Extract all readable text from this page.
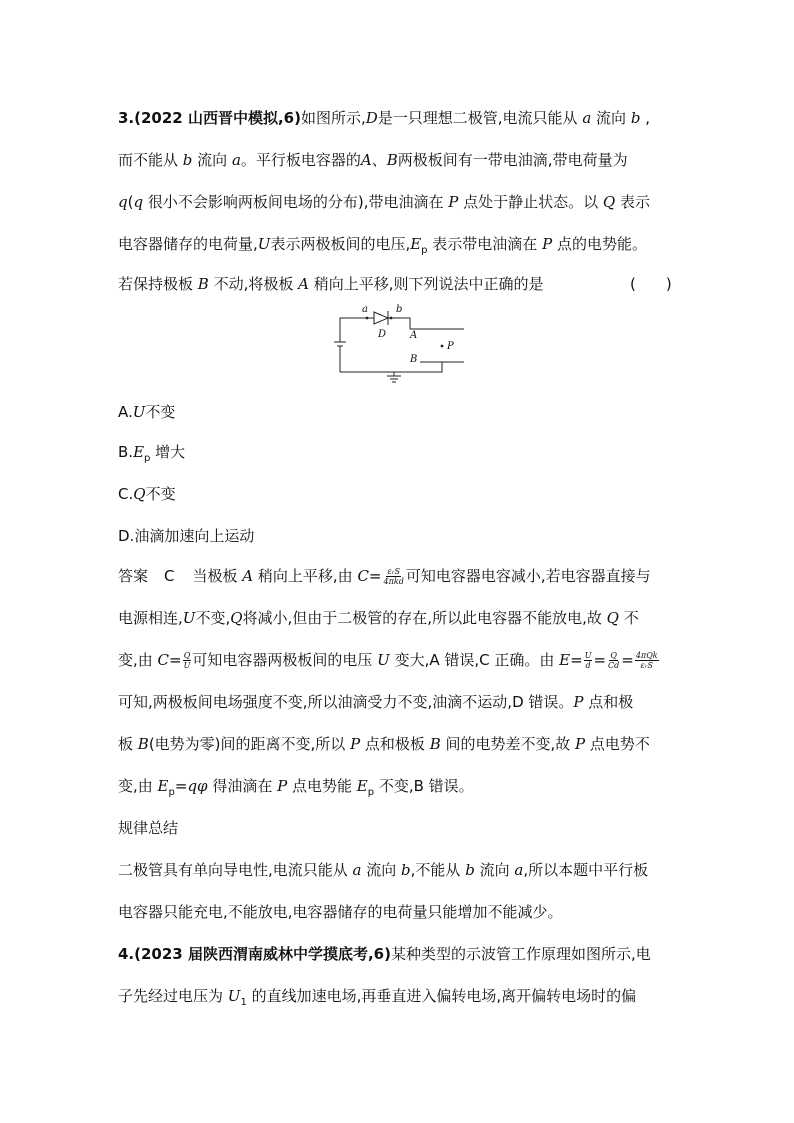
3.(2022 山西晋中模拟,6)如图所示,D是一只理想二极管,电流只能从 a 流向 b ,
而不能从 b 流向 a。平行板电容器的A、B两极板间有一带电油滴,带电荷量为
q(q 很小不会影响两板间电场的分布),带电油滴在 P 点处于静止状态。以 Q 表示
电容器储存的电荷量,U表示两极板间的电压$,E_p$ 表示带电油滴在 P 点的电势能。
若保持极板 B 不动,将极板 A 稍向上平移,则下列说法中正确的是	(　　)
a	b
D A
B
P
A.U不变
$B.E_p$ 增大
C.Q不变
D.油滴加速向上运动
答案 C 当极板 A 稍向上平移,由 $C= \frac{\text{εᵣS}}{\text{4πkd}}$ 可知电容器电容减小,若电容器直接与
电源相连,U不变,Q将减小,但由于二极管的存在,所以此电容器不能放电,故 Q 不
变,由 $C= \frac{Q}{U}$ 可知电容器两极板间的电压 U 变大,A 错误,C 正确。由 $E= \frac{U}{d} = \frac{Q}{Cd} = \frac{\text{4πQk}}{\text{εᵣS}}$
可知,两极板间电场强度不变,所以油滴受力不变,油滴不运动,D 错误。P 点和极
板 B(电势为零)间的距离不变,所以 P 点和极板 B 间的电势差不变,故 P 点电势不
变,由 $E_p=q\varphi$ 得油滴在 P 点电势能 $E_p$ 不变,B 错误。
规律总结
二极管具有单向导电性,电流只能从 a 流向 b,不能从 b 流向 a,所以本题中平行板
电容器只能充电,不能放电,电容器储存的电荷量只能增加不能减少。
4.(2023 届陕西渭南威林中学摸底考,6)某种类型的示波管工作原理如图所示,电
子先经过电压为 $U_1$ 的直线加速电场,再垂直进入偏转电场,离开偏转电场时的偏
